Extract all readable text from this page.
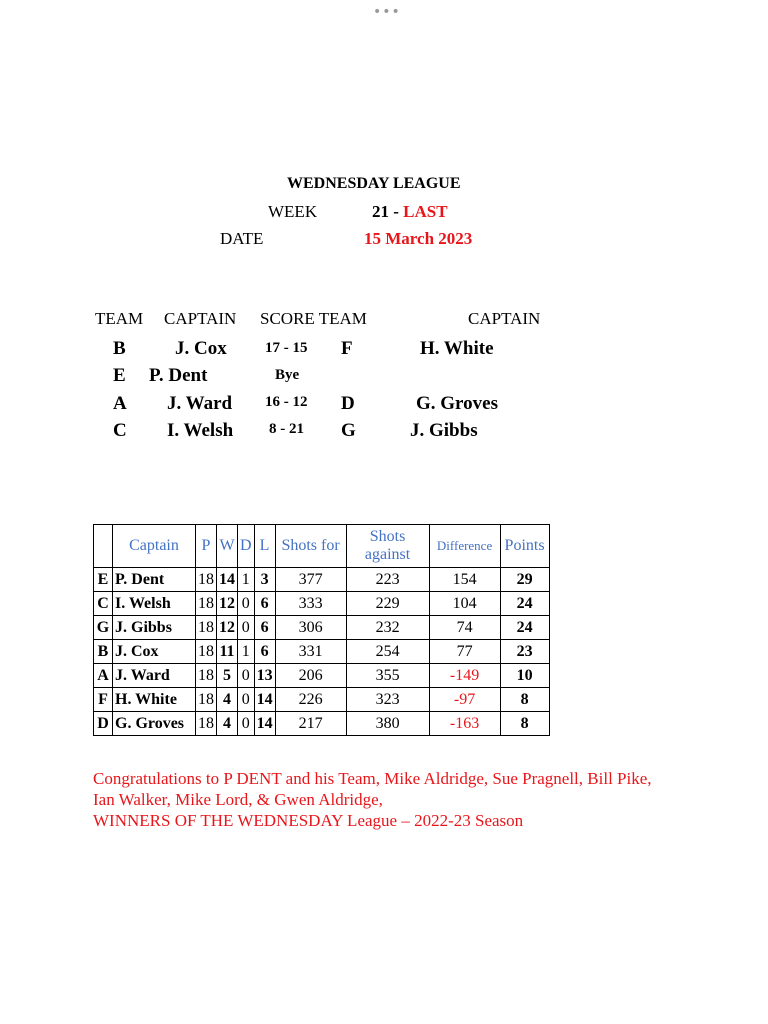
•••
WEDNESDAY LEAGUE
WEEK	21 - LAST
DATE	15 March 2023
TEAM CAPTAIN SCORE TEAM	CAPTAIN
B	J. Cox	17 - 15 F	H. White
E P. Dent	Bye
A J. Ward 16 - 12 D	G. Groves
C I. Welsh 8 - 21 G	J. Gibbs
	Captain	P	W	D	L	Shots for	Shots against	Difference	Points
E	P. Dent	18	14	1	3	377	223	154	29
C	I. Welsh	18	12	0	6	333	229	104	24
G	J. Gibbs	18	12	0	6	306	232	74	24
B	J. Cox	18	11	1	6	331	254	77	23
A	J. Ward	18	5	0	13	206	355	-149	10
F	H. White	18	4	0	14	226	323	-97	8
D	G. Groves	18	4	0	14	217	380	-163	8
Congratulations to P DENT and his Team, Mike Aldridge, Sue Pragnell, Bill Pike,
Ian Walker, Mike Lord, & Gwen Aldridge,
WINNERS OF THE WEDNESDAY League – 2022-23 Season
